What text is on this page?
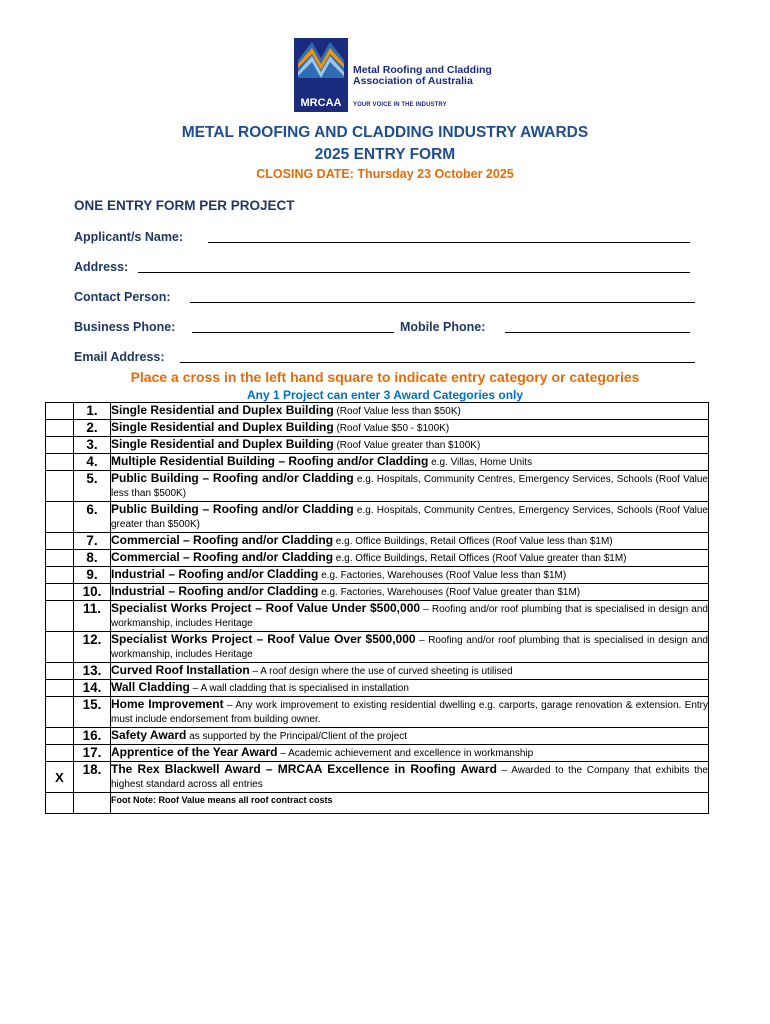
MRCAA
Metal Roofing and Cladding Association of Australia
YOUR VOICE IN THE INDUSTRY
METAL ROOFING AND CLADDING INDUSTRY AWARDS
2025 ENTRY FORM
CLOSING DATE: Thursday 23 October 2025
ONE ENTRY FORM PER PROJECT
Applicant/s Name:
Address:
Contact Person:
Business Phone:	Mobile Phone:
Email Address:
Place a cross in the left hand square to indicate entry category or categories
Any 1 Project can enter 3 Award Categories only
	1.	Single Residential and Duplex Building (Roof Value less than $50K)
	2.	Single Residential and Duplex Building (Roof Value $50 - $100K)
	3.	Single Residential and Duplex Building (Roof Value greater than $100K)
	4.	Multiple Residential Building – Roofing and/or Cladding e.g. Villas, Home Units
	5.	Public Building – Roofing and/or Cladding e.g. Hospitals, Community Centres, Emergency Services, Schools (Roof Value less than $500K)
	6.	Public Building – Roofing and/or Cladding e.g. Hospitals, Community Centres, Emergency Services, Schools (Roof Value greater than $500K)
	7.	Commercial – Roofing and/or Cladding e.g. Office Buildings, Retail Offices (Roof Value less than $1M)
	8.	Commercial – Roofing and/or Cladding e.g. Office Buildings, Retail Offices (Roof Value greater than $1M)
	9.	Industrial – Roofing and/or Cladding e.g. Factories, Warehouses (Roof Value less than $1M)
	10.	Industrial – Roofing and/or Cladding e.g. Factories, Warehouses (Roof Value greater than $1M)
	11.	Specialist Works Project – Roof Value Under $500,000 – Roofing and/or roof plumbing that is specialised in design and workmanship, includes Heritage
	12.	Specialist Works Project – Roof Value Over $500,000 – Roofing and/or roof plumbing that is specialised in design and workmanship, includes Heritage
	13.	Curved Roof Installation – A roof design where the use of curved sheeting is utilised
	14.	Wall Cladding – A wall cladding that is specialised in installation
	15.	Home Improvement – Any work improvement to existing residential dwelling e.g. carports, garage renovation & extension. Entry must include endorsement from building owner.
	16.	Safety Award as supported by the Principal/Client of the project
	17.	Apprentice of the Year Award – Academic achievement and excellence in workmanship
X	18.	The Rex Blackwell Award – MRCAA Excellence in Roofing Award – Awarded to the Company that exhibits the highest standard across all entries
		Foot Note: Roof Value means all roof contract costs
